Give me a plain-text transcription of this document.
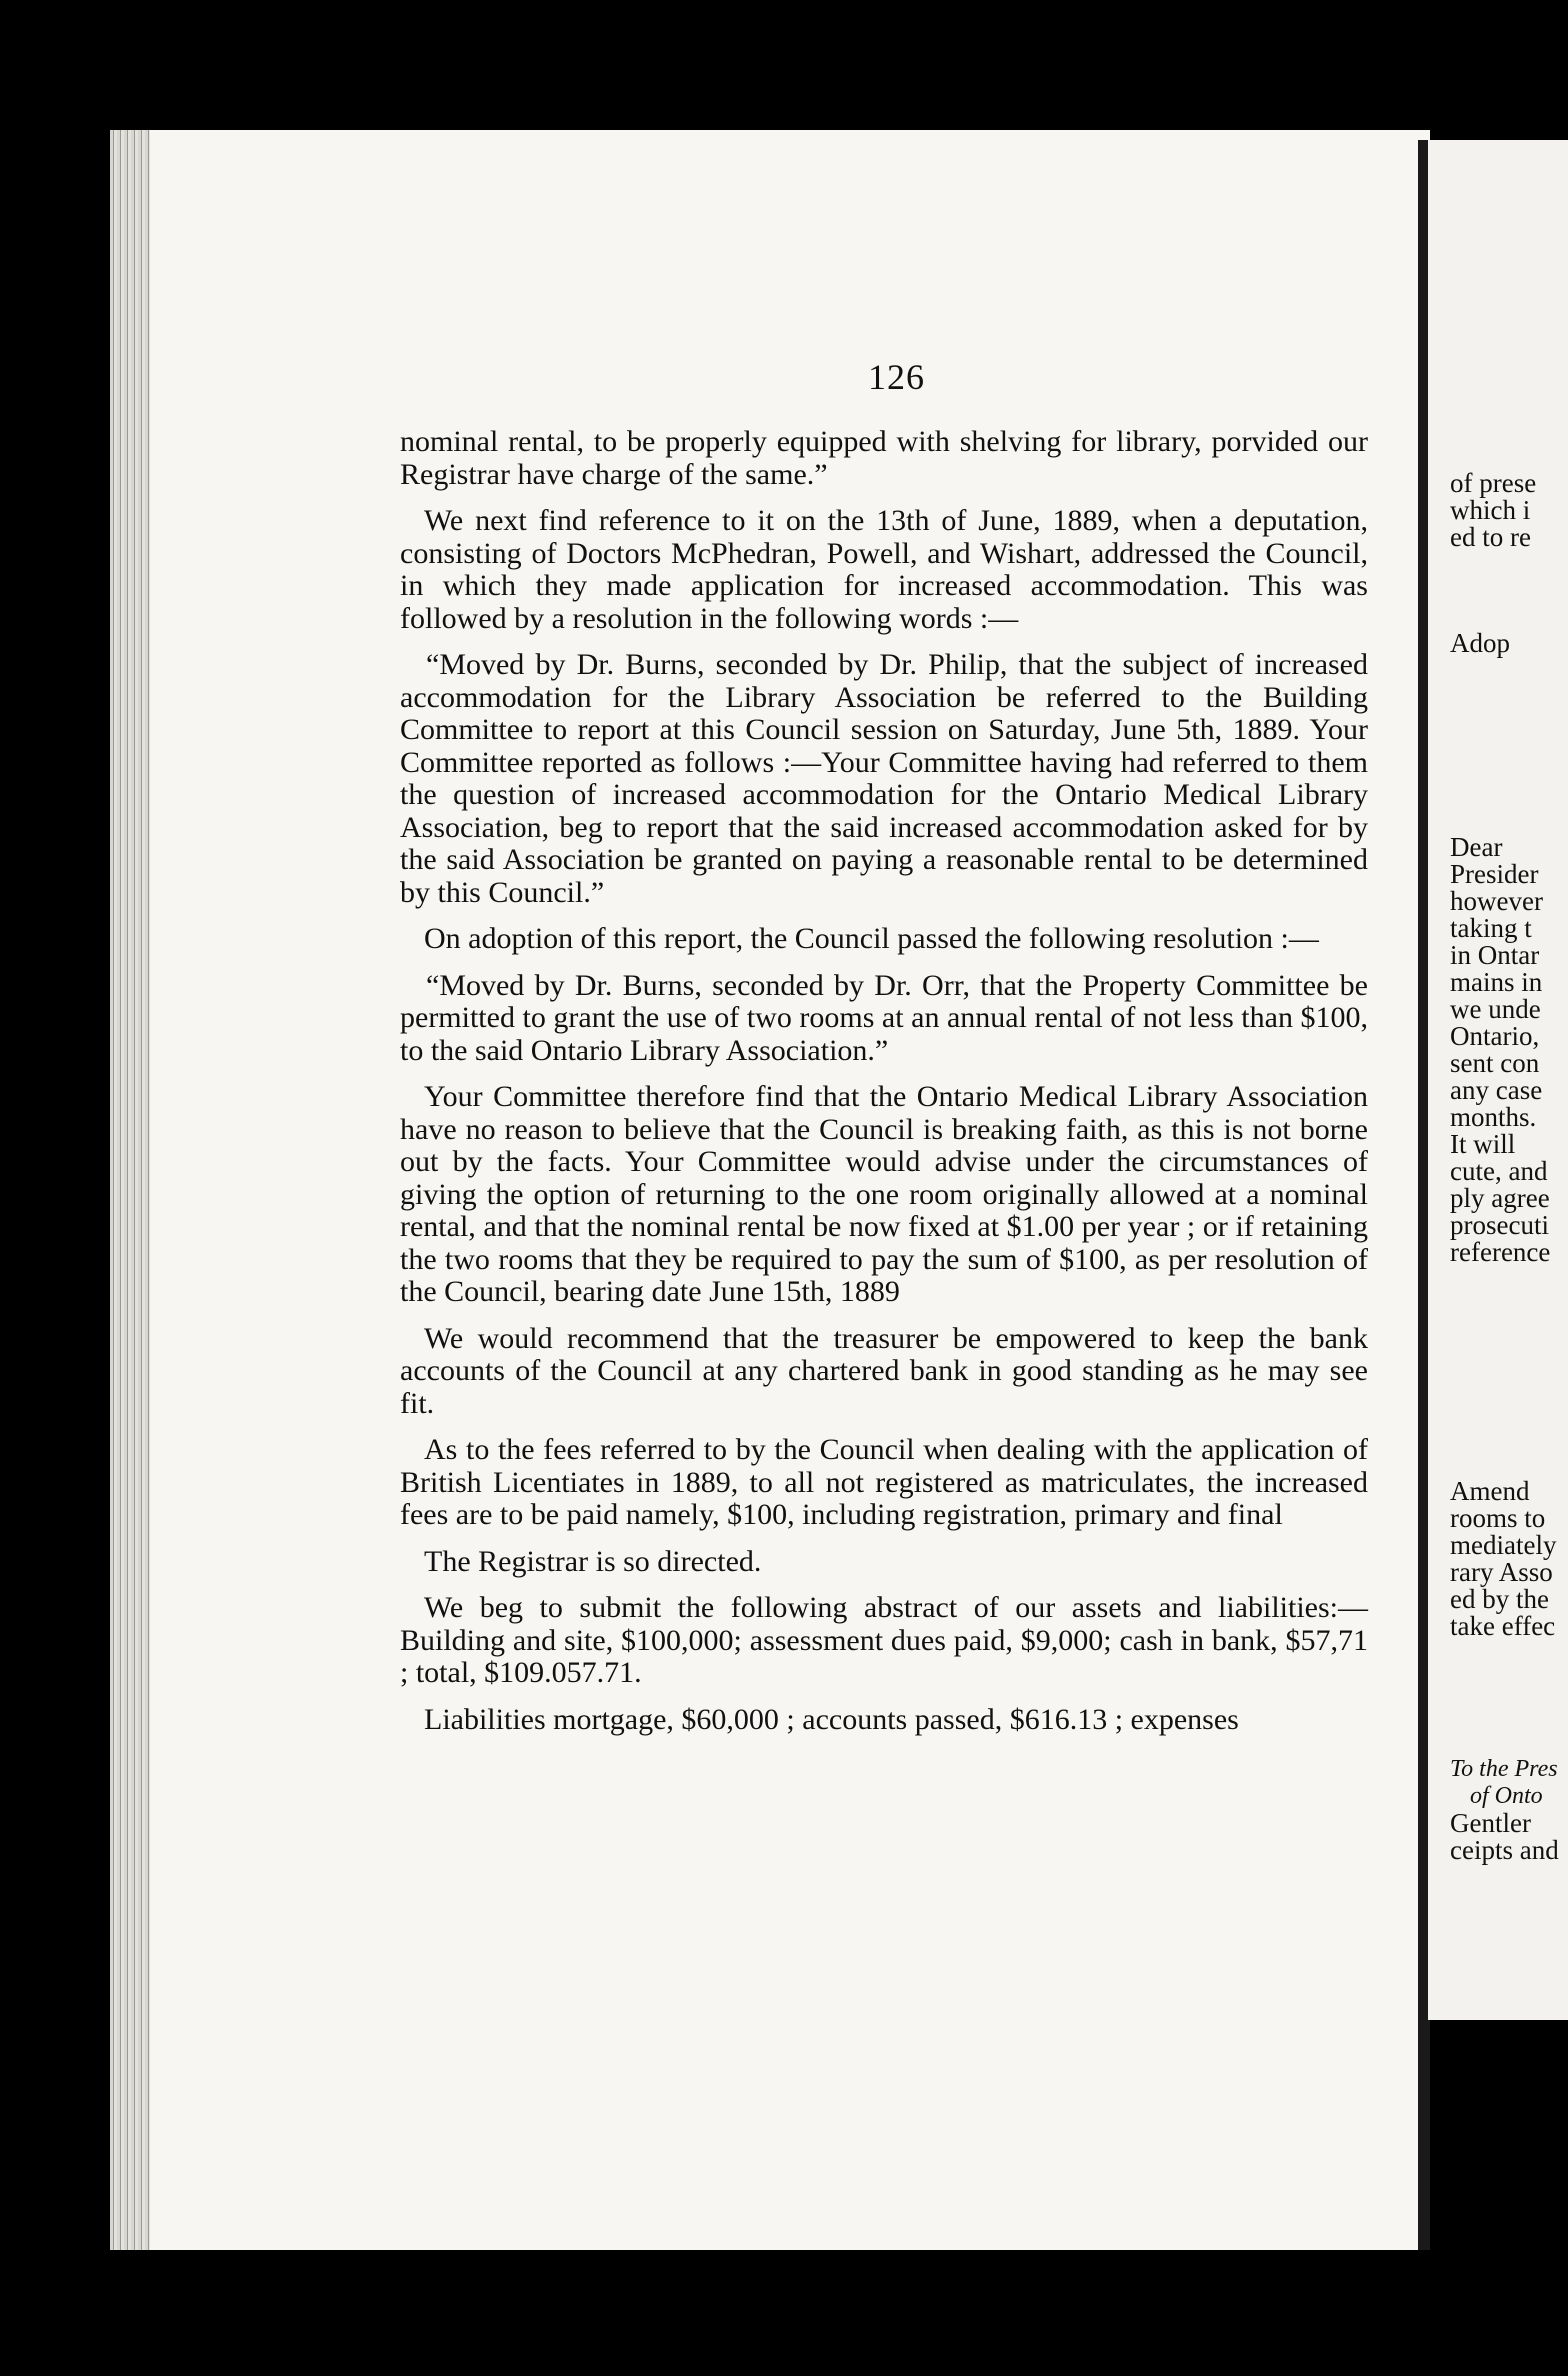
126

nominal rental, to be properly equipped with shelving for library, porvided our Registrar have charge of the same.”

We next find reference to it on the 13th of June, 1889, when a deputation, consisting of Doctors McPhedran, Powell, and Wishart, addressed the Council, in which they made application for increased accommodation. This was followed by a resolution in the following words :—

“Moved by Dr. Burns, seconded by Dr. Philip, that the subject of increased accommodation for the Library Association be referred to the Building Committee to report at this Council session on Saturday, June 5th, 1889. Your Committee reported as follows :—Your Committee having had referred to them the question of increased accommodation for the Ontario Medical Library Association, beg to report that the said increased accommodation asked for by the said Association be granted on paying a reasonable rental to be determined by this Council.”

On adoption of this report, the Council passed the following resolution :—

“Moved by Dr. Burns, seconded by Dr. Orr, that the Property Committee be permitted to grant the use of two rooms at an annual rental of not less than $100, to the said Ontario Library Association.”

Your Committee therefore find that the Ontario Medical Library Association have no reason to believe that the Council is breaking faith, as this is not borne out by the facts. Your Committee would advise under the circumstances of giving the option of returning to the one room originally allowed at a nominal rental, and that the nominal rental be now fixed at $1.00 per year ; or if retaining the two rooms that they be required to pay the sum of $100, as per resolution of the Council, bearing date June 15th, 1889

We would recommend that the treasurer be empowered to keep the bank accounts of the Council at any chartered bank in good standing as he may see fit.

As to the fees referred to by the Council when dealing with the application of British Licentiates in 1889, to all not registered as matriculates, the increased fees are to be paid namely, $100, including registration, primary and final

The Registrar is so directed.

We beg to submit the following abstract of our assets and liabilities:—Building and site, $100,000; assessment dues paid, $9,000; cash in bank, $57,71 ; total, $109.057.71.

Liabilities mortgage, $60,000 ; accounts passed, $616.13 ; expenses

of prese
which i
ed to re
Adop
Dear
Presider
however
taking t
in Ontar
mains in
we unde
Ontario,
sent con
any case
months.
It will
cute, and
ply agree
prosecuti
reference
Amend
rooms to
mediately
rary Asso
ed by the
take effec
To the Pres
of Onto
Gentler
ceipts and
